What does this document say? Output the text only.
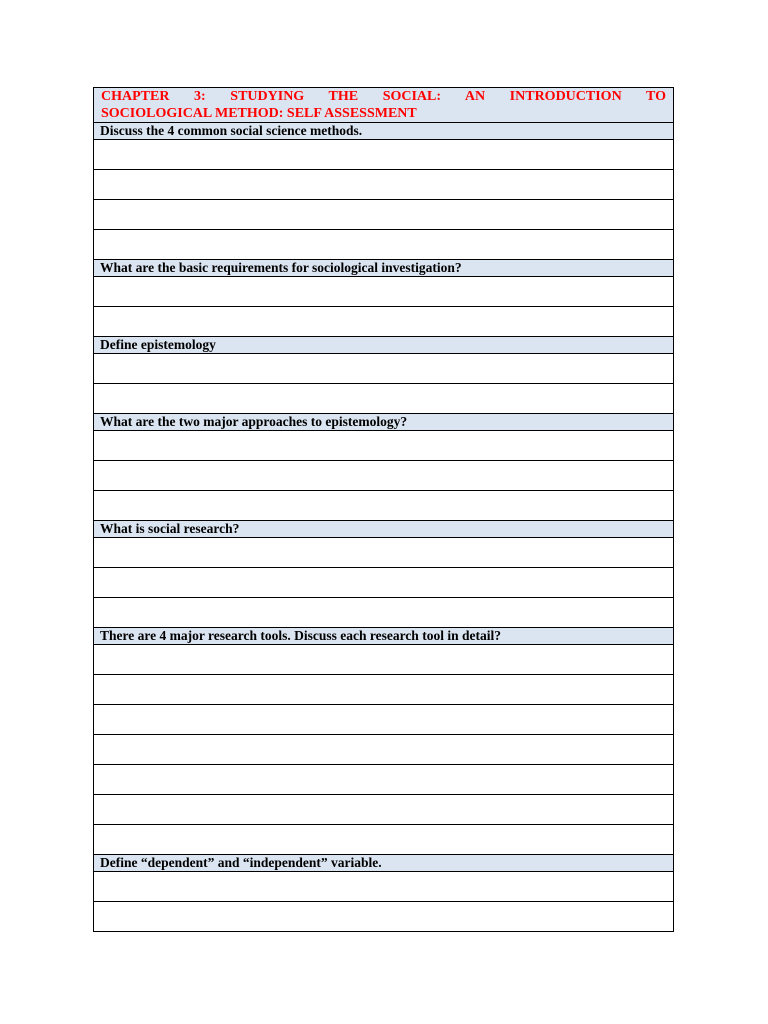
CHAPTER 3: STUDYING THE SOCIAL: AN INTRODUCTION TO
SOCIOLOGICAL METHOD: SELF ASSESSMENT
Discuss the 4 common social science methods.
What are the basic requirements for sociological investigation?
Define epistemology
What are the two major approaches to epistemology?
What is social research?
There are 4 major research tools. Discuss each research tool in detail?
Define “dependent” and “independent” variable.
